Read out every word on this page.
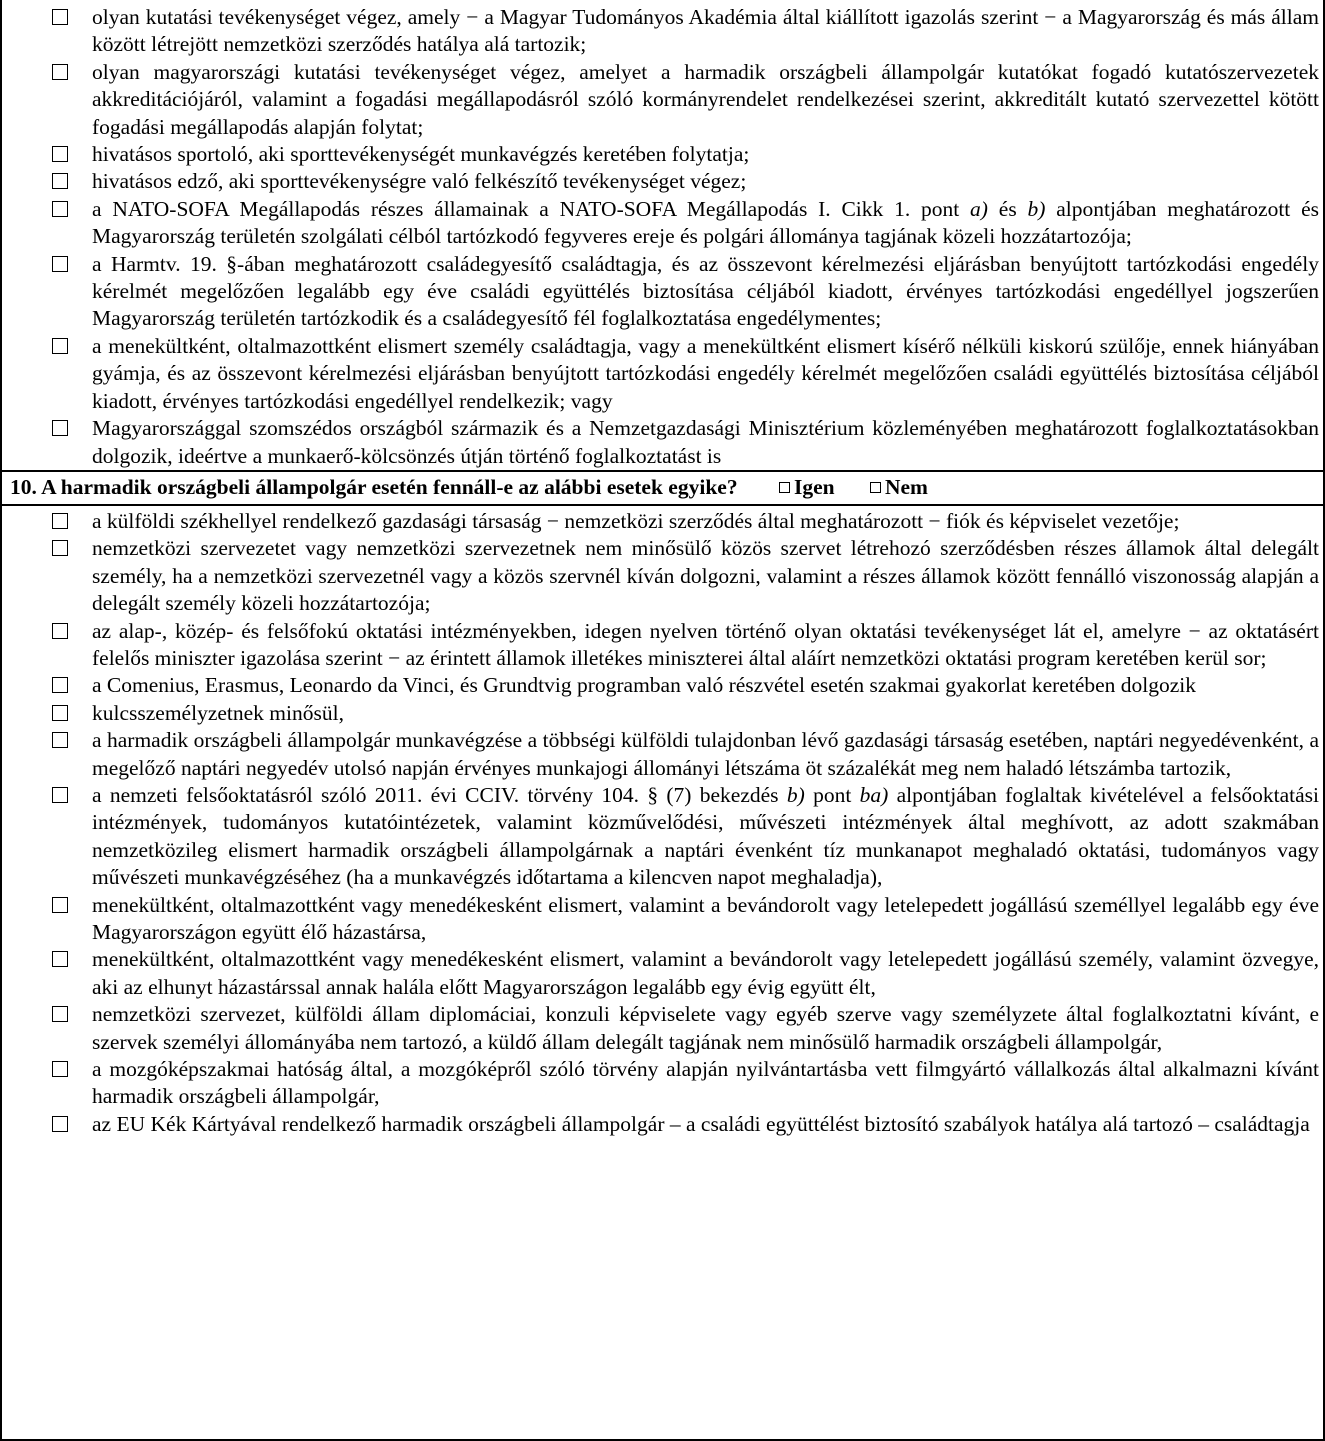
olyan kutatási tevékenységet végez, amely − a Magyar Tudományos Akadémia által kiállított igazolás szerint − a Magyarország és más állam között létrejött nemzetközi szerződés hatálya alá tartozik;
olyan magyarországi kutatási tevékenységet végez, amelyet a harmadik országbeli állampolgár kutatókat fogadó kutatószervezetek akkreditációjáról, valamint a fogadási megállapodásról szóló kormányrendelet rendelkezései szerint, akkreditált kutató szervezettel kötött fogadási megállapodás alapján folytat;
hivatásos sportoló, aki sporttevékenységét munkavégzés keretében folytatja;
hivatásos edző, aki sporttevékenységre való felkészítő tevékenységet végez;
a NATO-SOFA Megállapodás részes államainak a NATO-SOFA Megállapodás I. Cikk 1. pont a) és b) alpontjában meghatározott és Magyarország területén szolgálati célból tartózkodó fegyveres ereje és polgári állománya tagjának közeli hozzátartozója;
a Harmtv. 19. §-ában meghatározott családegyesítő családtagja, és az összevont kérelmezési eljárásban benyújtott tartózkodási engedély kérelmét megelőzően legalább egy éve családi együttélés biztosítása céljából kiadott, érvényes tartózkodási engedéllyel jogszerűen Magyarország területén tartózkodik és a családegyesítő fél foglalkoztatása engedélymentes;
a menekültként, oltalmazottként elismert személy családtagja, vagy a menekültként elismert kísérő nélküli kiskorú szülője, ennek hiányában gyámja, és az összevont kérelmezési eljárásban benyújtott tartózkodási engedély kérelmét megelőzően családi együttélés biztosítása céljából kiadott, érvényes tartózkodási engedéllyel rendelkezik; vagy
Magyarországgal szomszédos országból származik és a Nemzetgazdasági Minisztérium közleményében meghatározott foglalkoztatásokban dolgozik, ideértve a munkaerő-kölcsönzés útján történő foglalkoztatást is
10. A harmadik országbeli állampolgár esetén fennáll-e az alábbi esetek egyike?	Igen Nem
a külföldi székhellyel rendelkező gazdasági társaság − nemzetközi szerződés által meghatározott − fiók és képviselet vezetője;
nemzetközi szervezetet vagy nemzetközi szervezetnek nem minősülő közös szervet létrehozó szerződésben részes államok által delegált személy, ha a nemzetközi szervezetnél vagy a közös szervnél kíván dolgozni, valamint a részes államok között fennálló viszonosság alapján a delegált személy közeli hozzátartozója;
az alap-, közép- és felsőfokú oktatási intézményekben, idegen nyelven történő olyan oktatási tevékenységet lát el, amelyre − az oktatásért felelős miniszter igazolása szerint − az érintett államok illetékes miniszterei által aláírt nemzetközi oktatási program keretében kerül sor;
a Comenius, Erasmus, Leonardo da Vinci, és Grundtvig programban való részvétel esetén szakmai gyakorlat keretében dolgozik
kulcsszemélyzetnek minősül,
a harmadik országbeli állampolgár munkavégzése a többségi külföldi tulajdonban lévő gazdasági társaság esetében, naptári negyedévenként, a megelőző naptári negyedév utolsó napján érvényes munkajogi állományi létszáma öt százalékát meg nem haladó létszámba tartozik,
a nemzeti felsőoktatásról szóló 2011. évi CCIV. törvény 104. § (7) bekezdés b) pont ba) alpontjában foglaltak kivételével a felsőoktatási intézmények, tudományos kutatóintézetek, valamint közművelődési, művészeti intézmények által meghívott, az adott szakmában nemzetközileg elismert harmadik országbeli állampolgárnak a naptári évenként tíz munkanapot meghaladó oktatási, tudományos vagy művészeti munkavégzéséhez (ha a munkavégzés időtartama a kilencven napot meghaladja),
menekültként, oltalmazottként vagy menedékesként elismert, valamint a bevándorolt vagy letelepedett jogállású személlyel legalább egy éve Magyarországon együtt élő házastársa,
menekültként, oltalmazottként vagy menedékesként elismert, valamint a bevándorolt vagy letelepedett jogállású személy, valamint özvegye, aki az elhunyt házastárssal annak halála előtt Magyarországon legalább egy évig együtt élt,
nemzetközi szervezet, külföldi állam diplomáciai, konzuli képviselete vagy egyéb szerve vagy személyzete által foglalkoztatni kívánt, e szervek személyi állományába nem tartozó, a küldő állam delegált tagjának nem minősülő harmadik országbeli állampolgár,
a mozgóképszakmai hatóság által, a mozgóképről szóló törvény alapján nyilvántartásba vett filmgyártó vállalkozás által alkalmazni kívánt harmadik országbeli állampolgár,
az EU Kék Kártyával rendelkező harmadik országbeli állampolgár – a családi együttélést biztosító szabályok hatálya alá tartozó – családtagja
